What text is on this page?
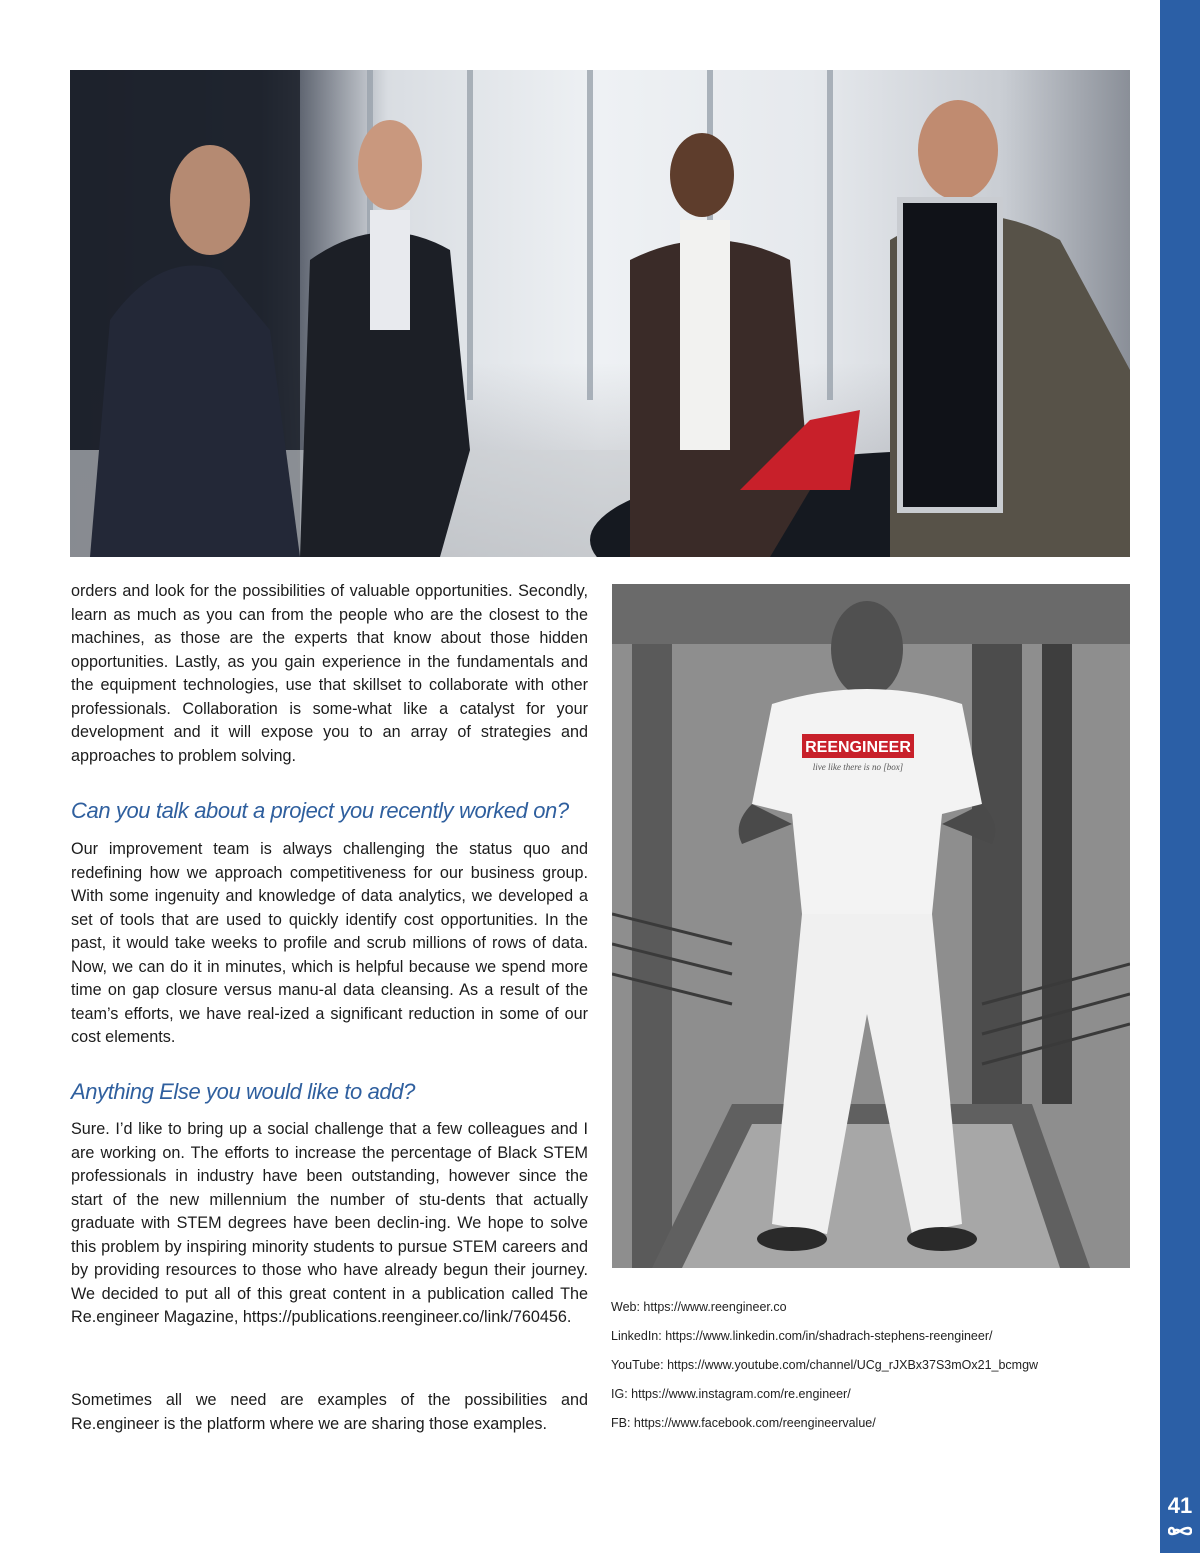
orders and look for the possibilities of valuable opportunities. Secondly, learn as much as you can from the people who are the closest to the machines, as those are the experts that know about those hidden opportunities. Lastly, as you gain experience in the fundamentals and the equipment technologies, use that skillset to collaborate with other professionals. Collaboration is some-what like a catalyst for your development and it will expose you to an array of strategies and approaches to problem solving.

Can you talk about a project you recently worked on?

Our improvement team is always challenging the status quo and redefining how we approach competitiveness for our business group. With some ingenuity and knowledge of data analytics, we developed a set of tools that are used to quickly identify cost opportunities. In the past, it would take weeks to profile and scrub millions of rows of data. Now, we can do it in minutes, which is helpful because we spend more time on gap closure versus manu-al data cleansing. As a result of the team’s efforts, we have real-ized a significant reduction in some of our cost elements.

Anything Else you would like to add?

Sure. I’d like to bring up a social challenge that a few colleagues and I are working on. The efforts to increase the percentage of Black STEM professionals in industry have been outstanding, however since the start of the new millennium the number of stu-dents that actually graduate with STEM degrees have been declin-ing. We hope to solve this problem by inspiring minority students to pursue STEM careers and by providing resources to those who have already begun their journey. We decided to put all of this great content in a publication called The Re.engineer Magazine, https://publications.reengineer.co/link/760456.

Sometimes all we need are examples of the possibilities and Re.engineer is the platform where we are sharing those examples.

REENGINEER
live like there is no [box]
Web: https://www.reengineer.co
LinkedIn: https://www.linkedin.com/in/shadrach-stephens-reengineer/
YouTube: https://www.youtube.com/channel/UCg_rJXBx37S3mOx21_bcmgw
IG: https://www.instagram.com/re.engineer/
FB: https://www.facebook.com/reengineervalue/
41
